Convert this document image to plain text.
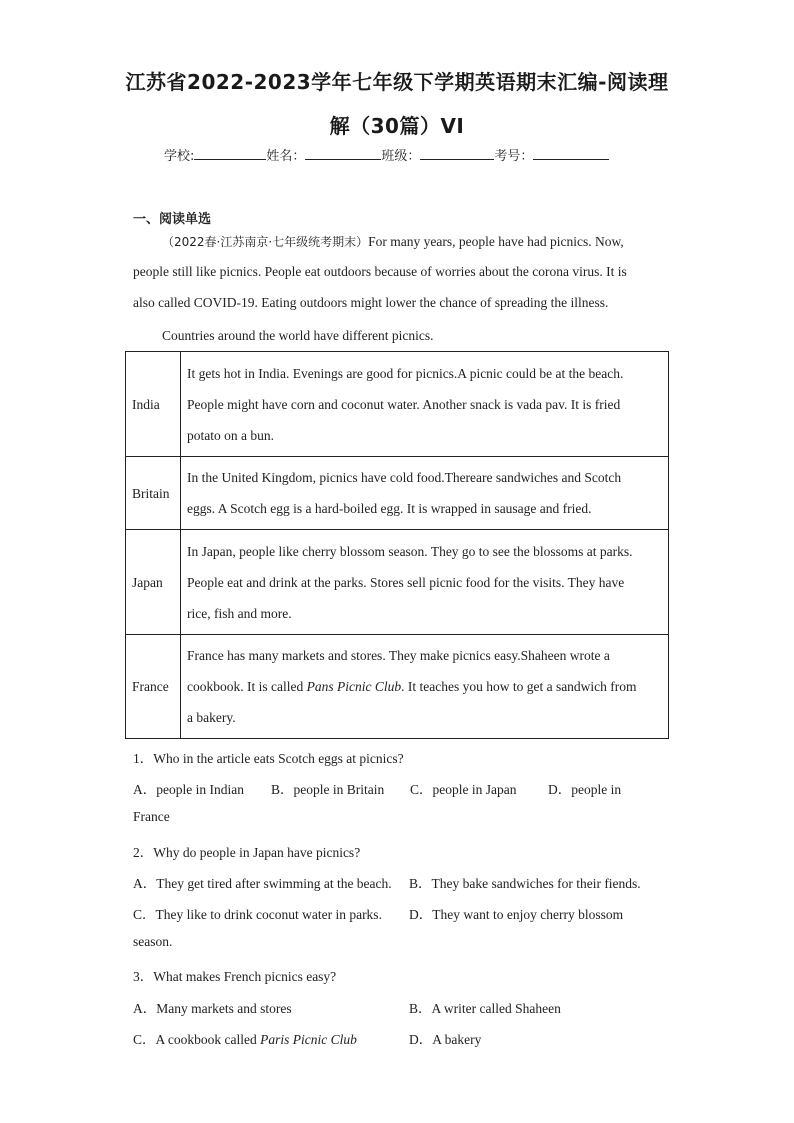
江苏省2022-2023学年七年级下学期英语期末汇编-阅读理
解（30篇）VI
学校:	姓名：	班级：	考号：
一、阅读单选
（2022春·江苏南京·七年级统考期末）For many years, people have had picnics. Now,
people still like picnics. People eat outdoors because of worries about the corona virus. It is
also called COVID-19. Eating outdoors might lower the chance of spreading the illness.
Countries around the world have different picnics.
India	It gets hot in India. Evenings are good for picnics.A picnic could be at the beach.
People might have corn and coconut water. Another snack is vada pav. It is fried
potato on a bun.

Britain	In the United Kingdom, picnics have cold food.Thereare sandwiches and Scotch
eggs. A Scotch egg is a hard-boiled egg. It is wrapped in sausage and fried.

Japan	In Japan, people like cherry blossom season. They go to see the blossoms at parks.
People eat and drink at the parks. Stores sell picnic food for the visits. They have
rice, fish and more.

France	France has many markets and stores. They make picnics easy.Shaheen wrote a
cookbook. It is called Pans Picnic Club. It teaches you how to get a sandwich from
a bakery.
1．Who in the article eats Scotch eggs at picnics?
A．people in Indian B．people in Britain C．people in Japan D．people in
France
2．Why do people in Japan have picnics?
A．They get tired after swimming at the beach. B．They bake sandwiches for their fiends.
C．They like to drink coconut water in parks. D．They want to enjoy cherry blossom
season.
3．What makes French picnics easy?
A．Many markets and stores	B．A writer called Shaheen
C．A cookbook called Paris Picnic Club	D．A bakery
